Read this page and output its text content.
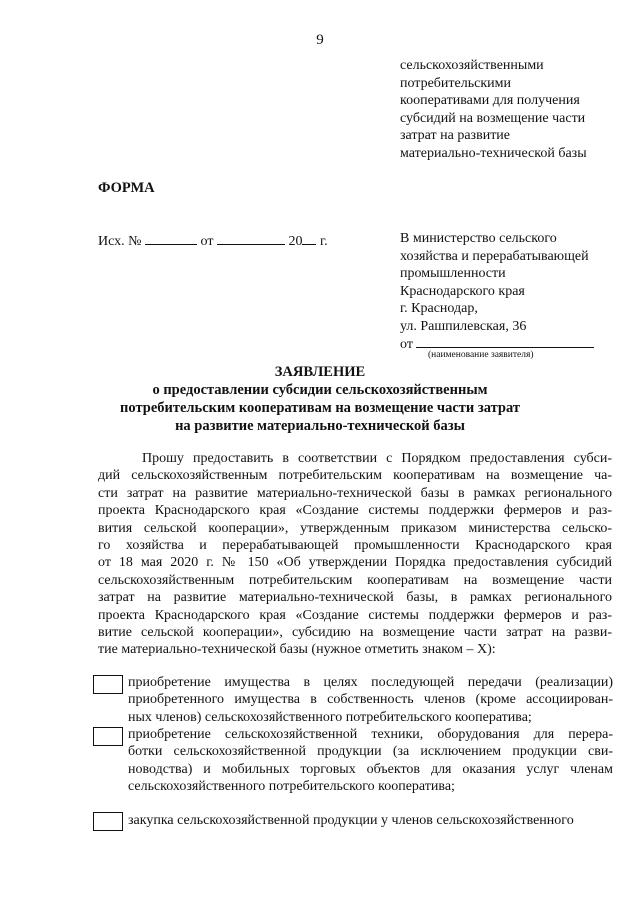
9
сельскохозяйственными
потребительскими
кооперативами для получения
субсидий на возмещение части
затрат на развитие
материально-технической базы
ФОРМА
Исх. №	от	20 г.	В министерство сельского
хозяйства и перерабатывающей
промышленности
Краснодарского края
г. Краснодар,
ул. Рашпилевская, 36
от
(наименование заявителя)
ЗАЯВЛЕНИЕ
о предоставлении субсидии сельскохозяйственным
потребительским кооперативам на возмещение части затрат
на развитие материально-технической базы
Прошу предоставить в соответствии с Порядком предоставления субси-
дий сельскохозяйственным потребительским кооперативам на возмещение ча-
сти затрат на развитие материально-технической базы в рамках регионального
проекта Краснодарского края «Создание системы поддержки фермеров и раз-
вития сельской кооперации», утвержденным приказом министерства сельско-
го хозяйства и перерабатывающей промышленности Краснодарского края
от 18 мая 2020 г. № 150 «Об утверждении Порядка предоставления субсидий
сельскохозяйственным потребительским кооперативам на возмещение части
затрат на развитие материально-технической базы, в рамках регионального
проекта Краснодарского края «Создание системы поддержки фермеров и раз-
витие сельской кооперации», субсидию на возмещение части затрат на разви-
тие материально-технической базы (нужное отметить знаком – Х):
приобретение имущества в целях последующей передачи (реализации)
приобретенного имущества в собственность членов (кроме ассоциирован-
ных членов) сельскохозяйственного потребительского кооператива;
приобретение сельскохозяйственной техники, оборудования для перера-
ботки сельскохозяйственной продукции (за исключением продукции сви-
новодства) и мобильных торговых объектов для оказания услуг членам
сельскохозяйственного потребительского кооператива;
закупка сельскохозяйственной продукции у членов сельскохозяйственного
